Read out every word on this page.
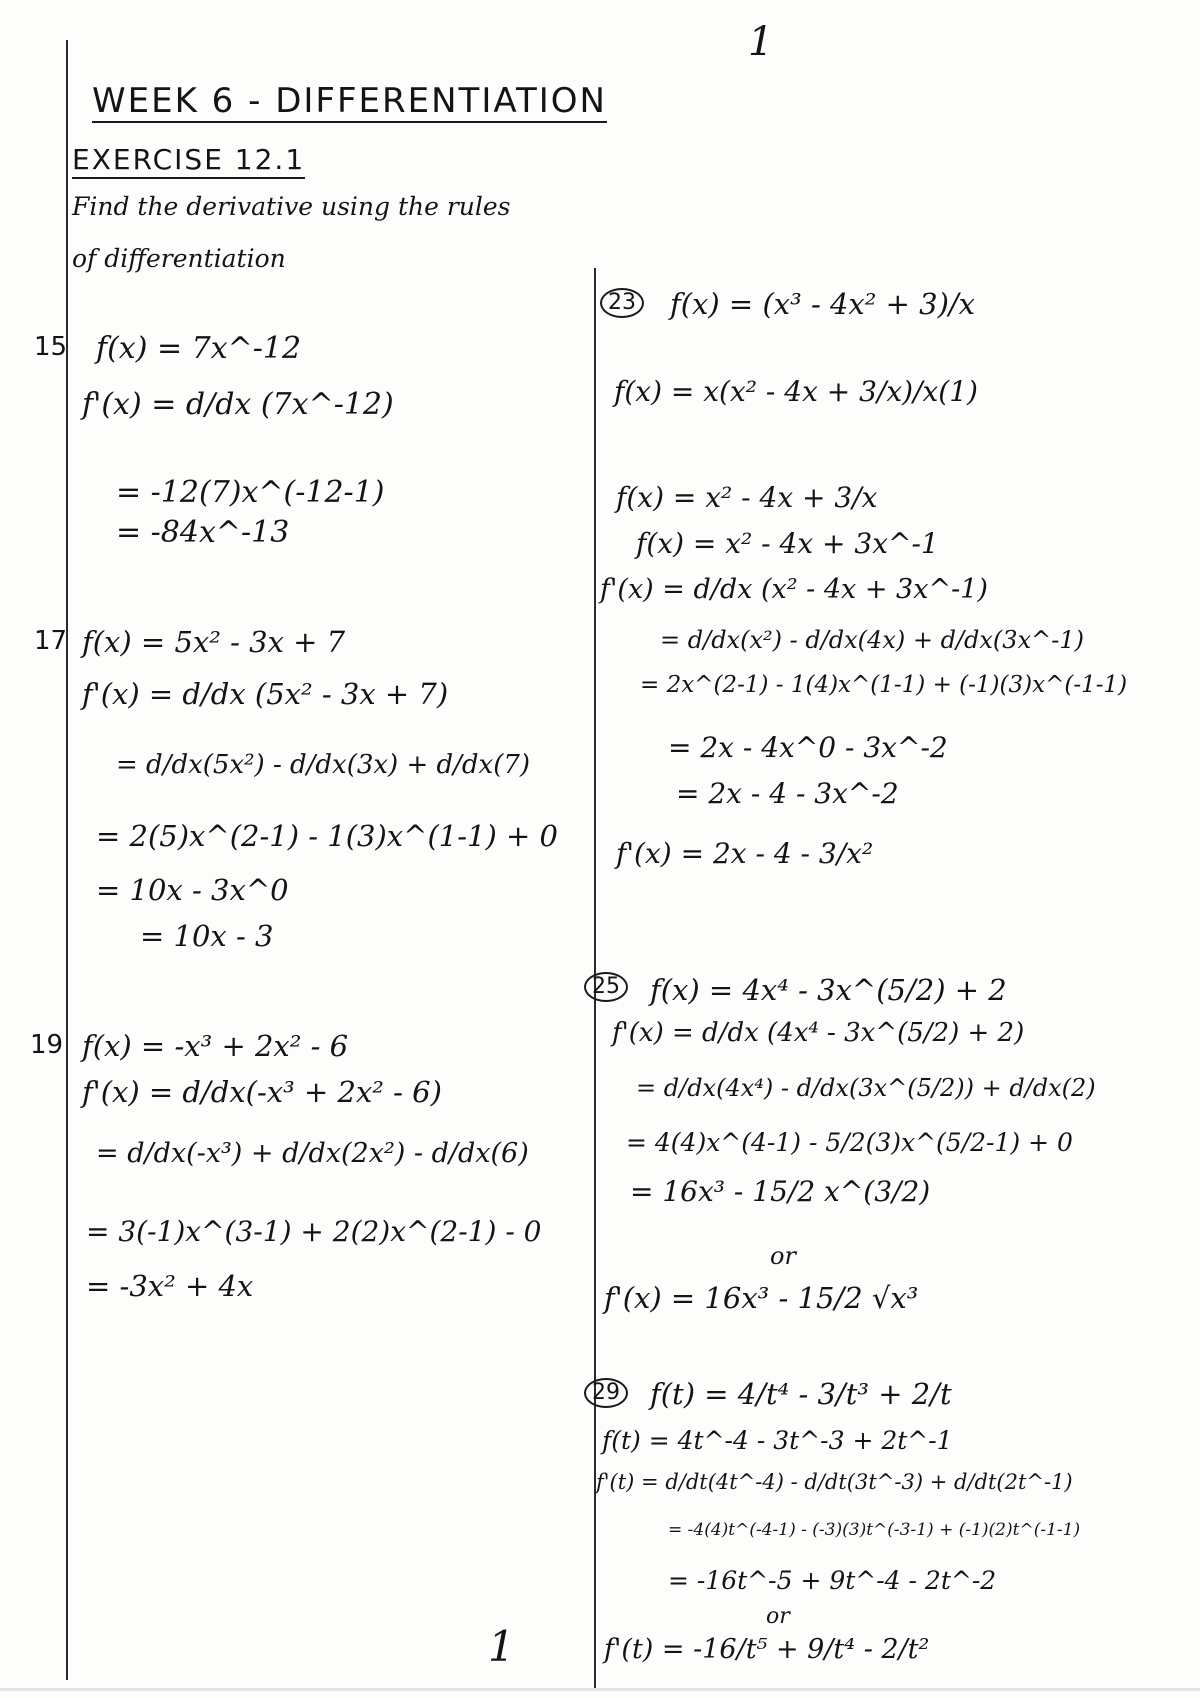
1
WEEK 6 - DIFFERENTIATION
EXERCISE 12.1
Find the derivative using the rules
of differentiation
15 f(x) = 7x^-12
f'(x) = d/dx (7x^-12)
= -12(7)x^(-12-1)
= -84x^-13
17 f(x) = 5x² - 3x + 7
f'(x) = d/dx (5x² - 3x + 7)
= d/dx(5x²) - d/dx(3x) + d/dx(7)
= 2(5)x^(2-1) - 1(3)x^(1-1) + 0
= 10x - 3x^0
= 10x - 3
19 f(x) = -x³ + 2x² - 6
f'(x) = d/dx(-x³ + 2x² - 6)
= d/dx(-x³) + d/dx(2x²) - d/dx(6)
= 3(-1)x^(3-1) + 2(2)x^(2-1) - 0
= -3x² + 4x
23 f(x) = (x³ - 4x² + 3)/x
f(x) = x(x² - 4x + 3/x)/x(1)
f(x) = x² - 4x + 3/x
f(x) = x² - 4x + 3x^-1
f'(x) = d/dx (x² - 4x + 3x^-1)
= d/dx(x²) - d/dx(4x) + d/dx(3x^-1)
= 2x^(2-1) - 1(4)x^(1-1) + (-1)(3)x^(-1-1)
= 2x - 4x^0 - 3x^-2
= 2x - 4 - 3x^-2
f'(x) = 2x - 4 - 3/x²
25 f(x) = 4x⁴ - 3x^(5/2) + 2
f'(x) = d/dx (4x⁴ - 3x^(5/2) + 2)
= d/dx(4x⁴) - d/dx(3x^(5/2)) + d/dx(2)
= 4(4)x^(4-1) - 5/2(3)x^(5/2-1) + 0
= 16x³ - 15/2 x^(3/2)
or
f'(x) = 16x³ - 15/2 √x³
29 f(t) = 4/t⁴ - 3/t³ + 2/t
f(t) = 4t^-4 - 3t^-3 + 2t^-1
f'(t) = d/dt(4t^-4) - d/dt(3t^-3) + d/dt(2t^-1)
= -4(4)t^(-4-1) - (-3)(3)t^(-3-1) + (-1)(2)t^(-1-1)
= -16t^-5 + 9t^-4 - 2t^-2
or
f'(t) = -16/t⁵ + 9/t⁴ - 2/t²
1
